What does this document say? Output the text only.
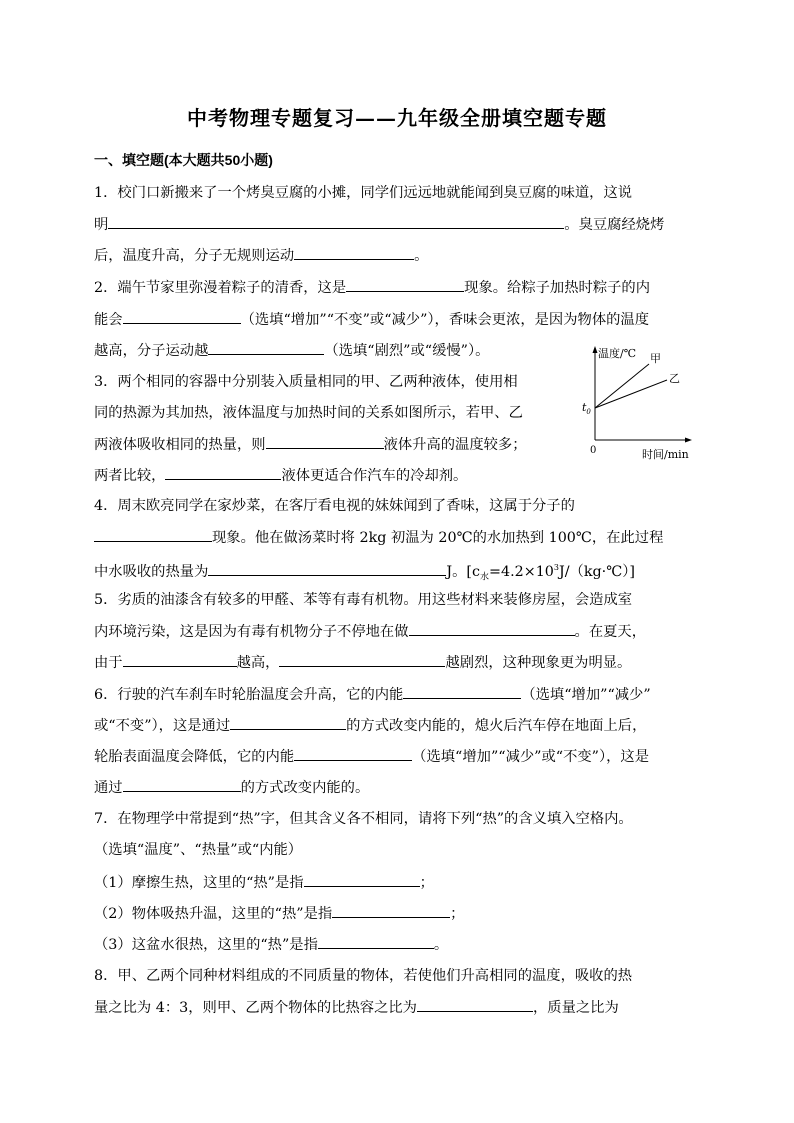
中考物理专题复习——九年级全册填空题专题
一、填空题(本大题共50小题)
1．校门口新搬来了一个烤臭豆腐的小摊，同学们远远地就能闻到臭豆腐的味道，这说
明	。臭豆腐经烧烤
后，温度升高，分子无规则运动	。
2．端午节家里弥漫着粽子的清香，这是	现象。给粽子加热时粽子的内
能会	（选填“增加”“不变”或“减少”），香味会更浓，是因为物体的温度
越高，分子运动越	（选填“剧烈”或“缓慢”）。
3．两个相同的容器中分别装入质量相同的甲、乙两种液体，使用相
同的热源为其加热，液体温度与加热时间的关系如图所示，若甲、乙
两液体吸收相同的热量，则	液体升高的温度较多；
两者比较，	液体更适合作汽车的冷却剂。
温度/℃
时间/min
0
$t_0$
甲
乙
4．周末欧亮同学在家炒菜，在客厅看电视的妹妹闻到了香味，这属于分子的
现象。他在做汤菜时将 2kg 初温为 20℃的水加热到 100℃，在此过程
中水吸收的热量为	J。$[c_水=4.2\times 10^3J/(kg\cdot℃)]$
5．劣质的油漆含有较多的甲醛、苯等有毒有机物。用这些材料来装修房屋，会造成室
内环境污染，这是因为有毒有机物分子不停地在做	。在夏天，
由于	越高，	越剧烈，这种现象更为明显。
6．行驶的汽车刹车时轮胎温度会升高，它的内能	（选填“增加”“减少”
或“不变”），这是通过	的方式改变内能的，熄火后汽车停在地面上后，
轮胎表面温度会降低，它的内能	（选填“增加”“减少”或“不变”），这是
通过	的方式改变内能的。
7．在物理学中常提到“热”字，但其含义各不相同，请将下列“热”的含义填入空格内。
（选填“温度”、“热量”或“内能）
（1）摩擦生热，这里的“热”是指	；
（2）物体吸热升温，这里的“热”是指	；
（3）这盆水很热，这里的“热”是指	。
8．甲、乙两个同种材料组成的不同质量的物体，若使他们升高相同的温度，吸收的热
量之比为 4：3，则甲、乙两个物体的比热容之比为	，质量之比为
